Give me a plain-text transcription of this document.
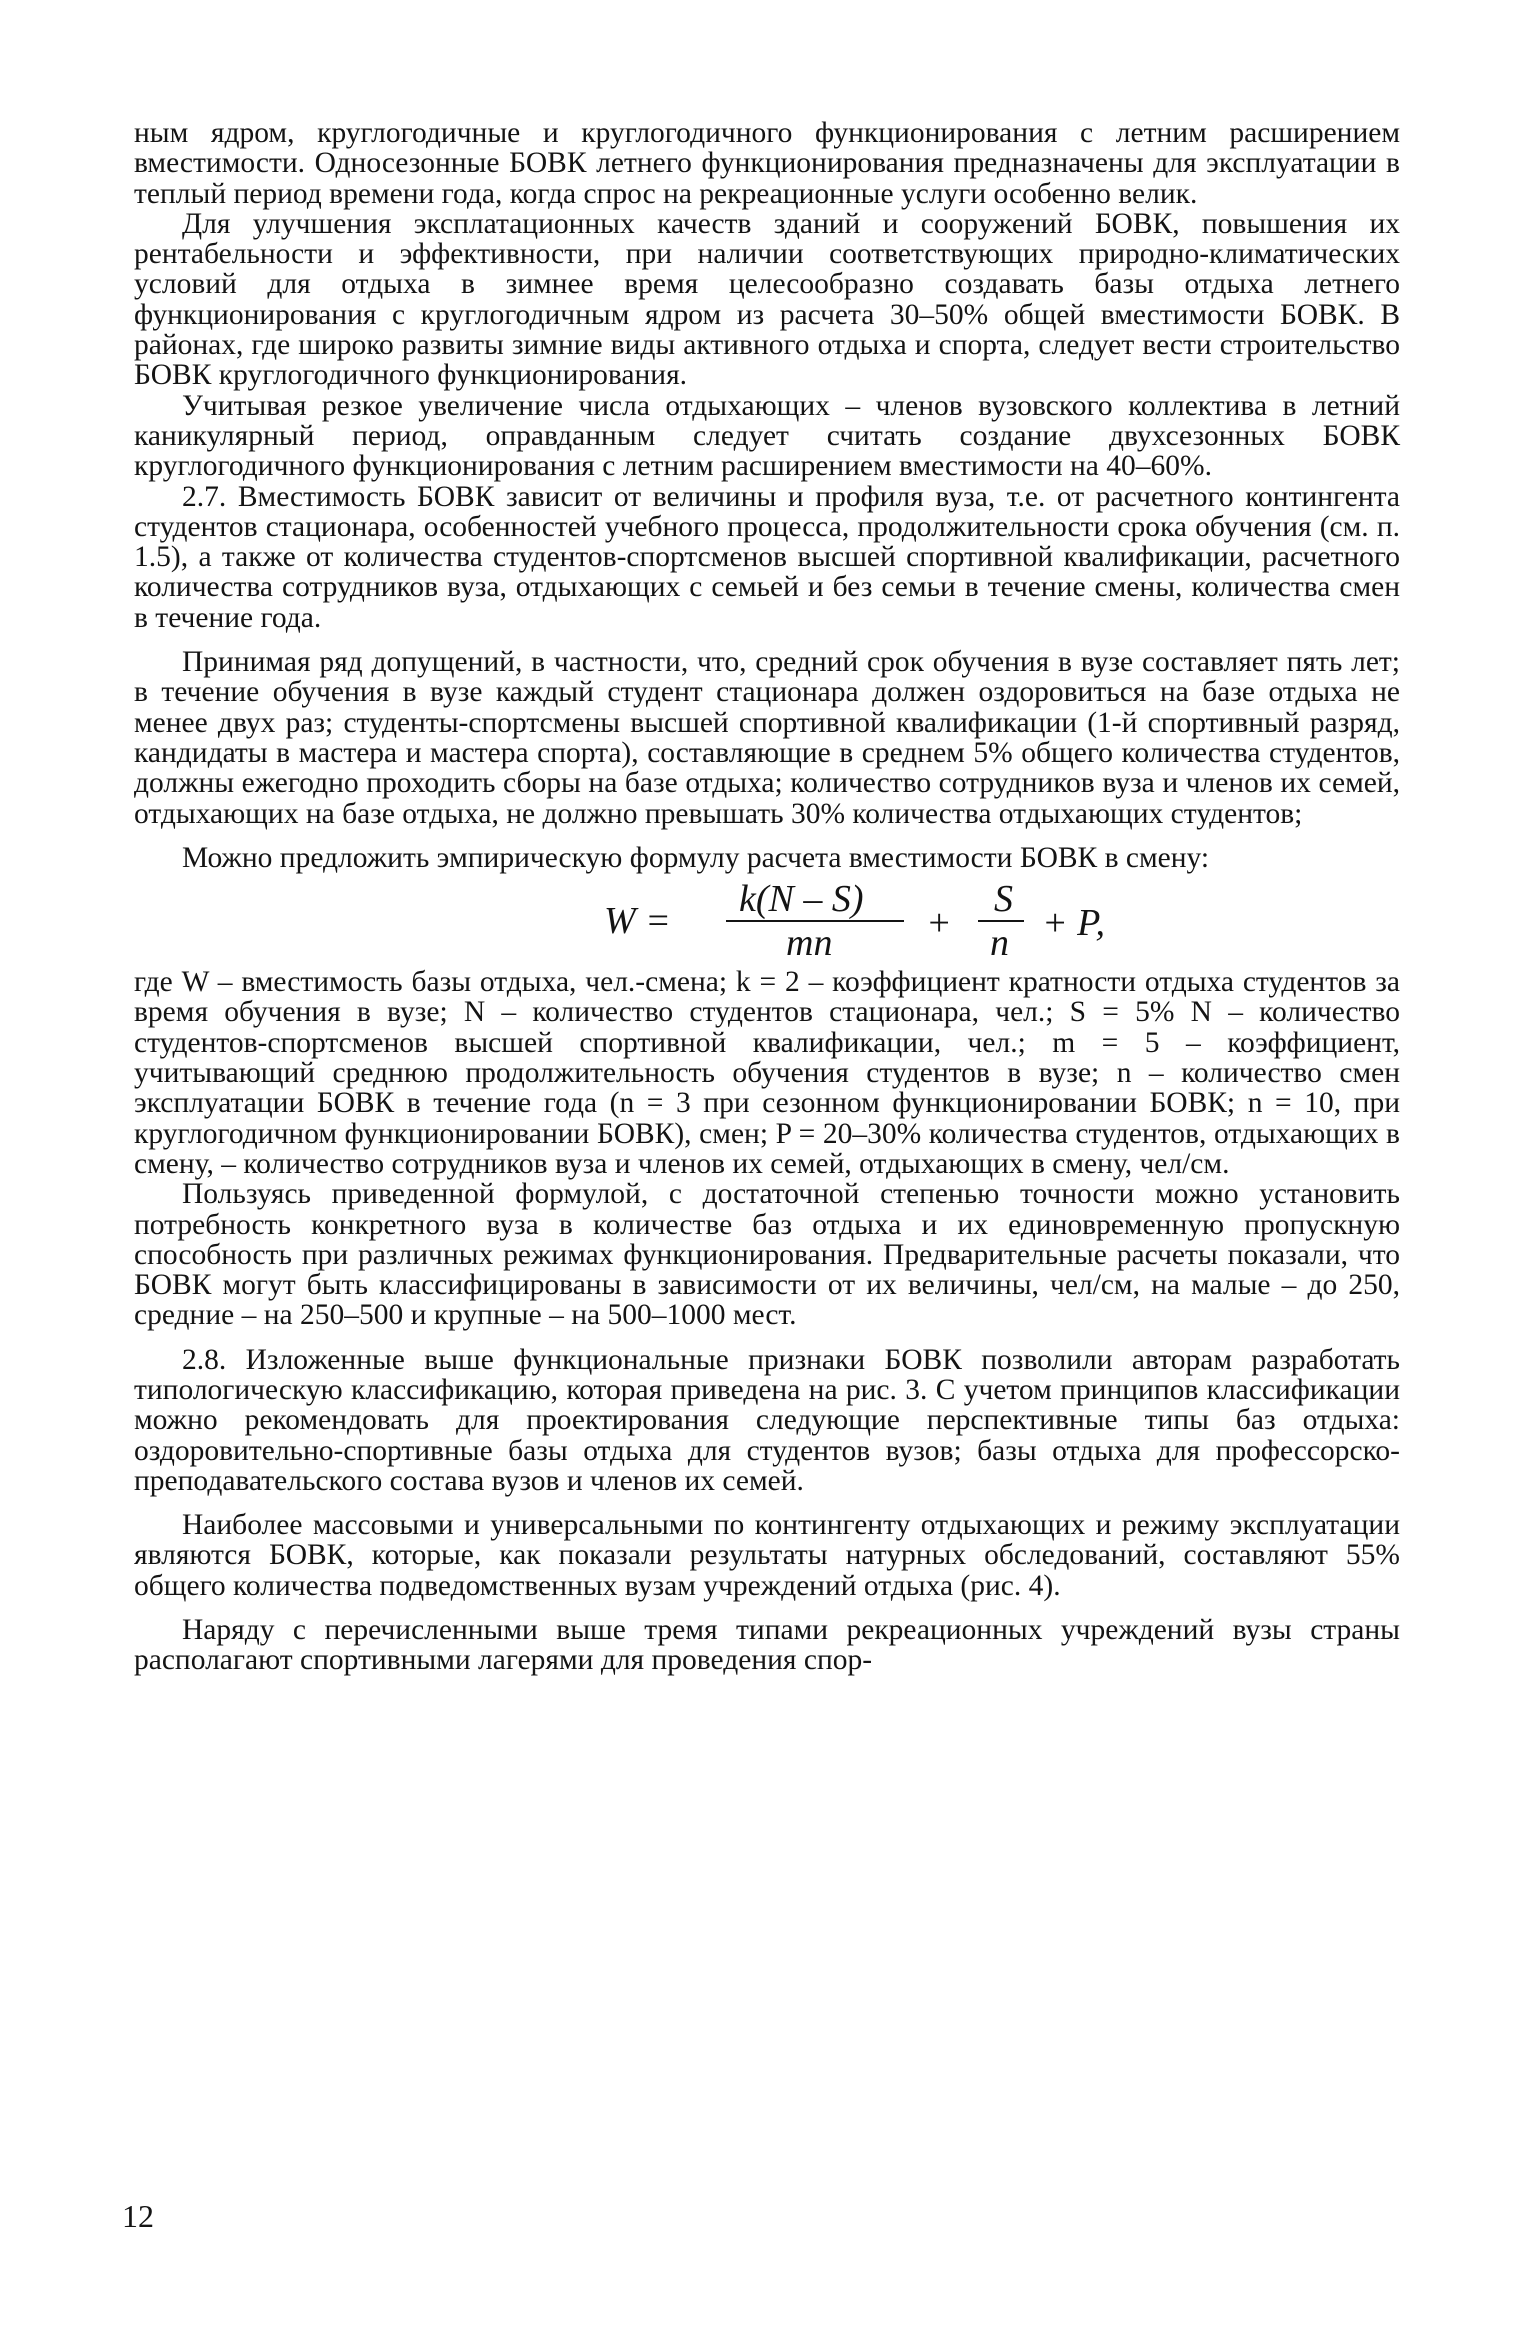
ным ядром, круглогодичные и круглогодичного функционирования с летним расширением вместимости. Односезонные БОВК летнего функционирования предназначены для эксплуатации в теплый период времени года, когда спрос на рекреационные услуги особенно велик.

Для улучшения эксплатационных качеств зданий и сооружений БОВК, повышения их рентабельности и эффективности, при наличии соответствующих природно-климатических условий для отдыха в зимнее время целесообразно создавать базы отдыха летнего функционирования с круглогодичным ядром из расчета 30–50% общей вместимости БОВК. В районах, где широко развиты зимние виды активного отдыха и спорта, следует вести строительство БОВК круглогодичного функционирования.

Учитывая резкое увеличение числа отдыхающих – членов вузовского коллектива в летний каникулярный период, оправданным следует считать создание двухсезонных БОВК круглогодичного функционирования с летним расширением вместимости на 40–60%.

2.7. Вместимость БОВК зависит от величины и профиля вуза, т.е. от расчетного контингента студентов стационара, особенностей учебного процесса, продолжительности срока обучения (см. п. 1.5), а также от количества студентов-спортсменов высшей спортивной квалификации, расчетного количества сотрудников вуза, отдыхающих с семьей и без семьи в течение смены, количества смен в течение года.

Принимая ряд допущений, в частности, что, средний срок обучения в вузе составляет пять лет; в течение обучения в вузе каждый студент стационара должен оздоровиться на базе отдыха не менее двух раз; студенты-спортсмены высшей спортивной квалификации (1-й спортивный разряд, кандидаты в мастера и мастера спорта), составляющие в среднем 5% общего количества студентов, должны ежегодно проходить сборы на базе отдыха; количество сотрудников вуза и членов их семей, отдыхающих на базе отдыха, не должно превышать 30% количества отдыхающих студентов;

Можно предложить эмпирическую формулу расчета вместимости БОВК в смену:

W =
k(N – S)
mn +
S
n + P,

где W – вместимость базы отдыха, чел.-смена; k = 2 – коэффициент кратности отдыха студентов за время обучения в вузе; N – количество студентов стационара, чел.; S = 5% N – количество студентов-спортсменов высшей спортивной квалификации, чел.; m = 5 – коэффициент, учитывающий среднюю продолжительность обучения студентов в вузе; n – количество смен эксплуатации БОВК в течение года (n = 3 при сезонном функционировании БОВК; n = 10, при круглогодичном функционировании БОВК), смен; P = 20–30% количества студентов, отдыхающих в смену, – количество сотрудников вуза и членов их семей, отдыхающих в смену, чел/см.

Пользуясь приведенной формулой, с достаточной степенью точности можно установить потребность конкретного вуза в количестве баз отдыха и их единовременную пропускную способность при различных режимах функционирования. Предварительные расчеты показали, что БОВК могут быть классифицированы в зависимости от их величины, чел/см, на малые – до 250, средние – на 250–500 и крупные – на 500–1000 мест.

2.8. Изложенные выше функциональные признаки БОВК позволили авторам разработать типологическую классификацию, которая приведена на рис. 3. С учетом принципов классификации можно рекомендовать для проектирования следующие перспективные типы баз отдыха: оздоровительно-спортивные базы отдыха для студентов вузов; базы отдыха для профессорско-преподавательского состава вузов и членов их семей.

Наиболее массовыми и универсальными по контингенту отдыхающих и режиму эксплуатации являются БОВК, которые, как показали результаты натурных обследований, составляют 55% общего количества подведомственных вузам учреждений отдыха (рис. 4).

Наряду с перечисленными выше тремя типами рекреационных учреждений вузы страны располагают спортивными лагерями для проведения спор-

12
